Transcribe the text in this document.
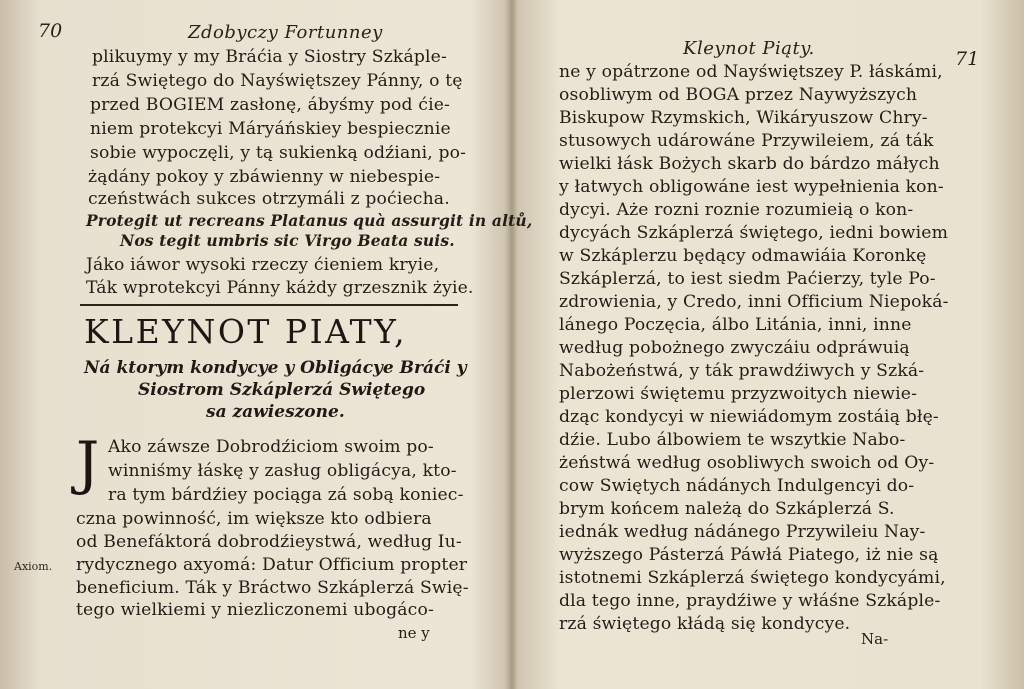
70	Zdobyczy Fortunney
plikuymy y my Bráćia y Siostry Szkáple-
rzá Swiętego do Nayświętszey Pánny, o tę
przed BOGIEM zasłonę, ábyśmy pod ćie-
niem protekcyi Máryáńskiey bespiecznie
sobie wypoczęli, y tą sukienką odźiani, po-
żądány pokoy y zbáwienny w niebespie-
czeństwách sukces otrzymáli z poćiecha.
Protegit ut recreans Platanus quà assurgit in altů,
Nos tegit umbris sic Virgo Beata suis.
Jáko iáwor wysoki rzeczy ćieniem kryie,
Ták wprotekcyi Pánny káżdy grzesznik żyie.
KLEYNOT PIATY,
Ná ktorym kondycye y Obligácye Bráći y
Siostrom Szkáplerzá Swiętego
sa zawieszone.
J Ako záwsze Dobrodźiciom swoim po-
winniśmy łáskę y zasług obligácya, kto-
ra tym bárdźiey pociąga zá sobą koniec-
czna powinność, im większe kto odbiera
od Benefáktorá dobrodźieystwá, według Iu-
rydycznego axyomá: Datur Officium propter
beneficium. Ták y Bráctwo Szkáplerzá Swię-
tego wielkiemi y niezliczonemi ubogáco-
Axiom.
ne y
Kleynot Piąty.	71
ne y opátrzone od Nayświętszey P. łáskámi,
osobliwym od BOGA przez Naywyższych
Biskupow Rzymskich, Wikáryuszow Chry-
stusowych udárowáne Przywileiem, zá ták
wielki łásk Bożych skarb do bárdzo máłych
y łatwych obligowáne iest wypełnienia kon-
dycyi. Aże rozni roznie rozumieią o kon-
dycyách Szkáplerzá świętego, iedni bowiem
w Szkáplerzu będący odmawiáia Koronkę
Szkáplerzá, to iest siedm Paćierzy, tyle Po-
zdrowienia, y Credo, inni Officium Niepoká-
lánego Poczęcia, álbo Litánia, inni, inne
według pobożnego zwyczáiu odpráwuią
Nabożeństwá, y ták prawdźiwych y Szká-
plerzowi świętemu przyzwoitych niewie-
dząc kondycyi w niewiádomym zostáią błę-
dźie. Lubo álbowiem te wszytkie Nabo-
żeństwá według osobliwych swoich od Oy-
cow Swiętych nádánych Indulgencyi do-
brym końcem należą do Szkáplerzá S.
iednák według nádánego Przywileiu Nay-
wyższego Pásterzá Páwłá Piatego, iż nie są
istotnemi Szkáplerzá świętego kondycyámi,
dla tego inne, praydźiwe y włáśne Szkáple-
rzá świętego kłádą się kondycye.
Na-
